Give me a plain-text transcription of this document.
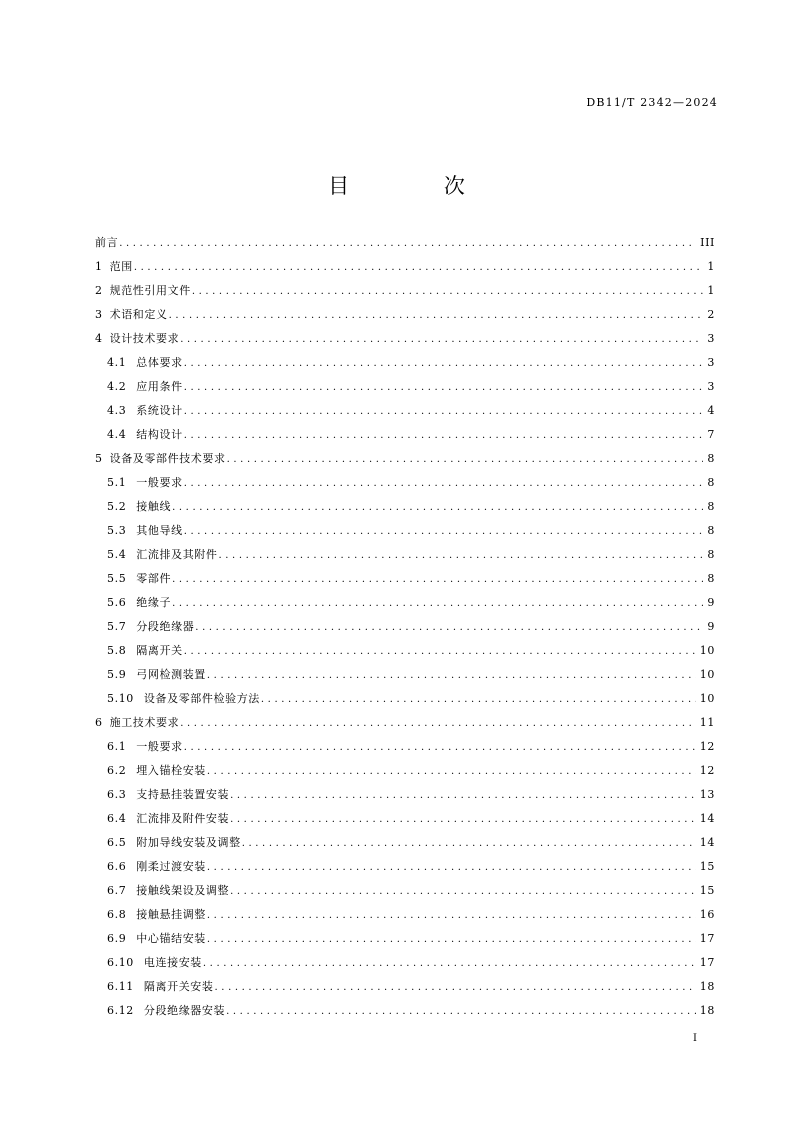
DB11/T 2342—2024
目 次
前言 .....	III
1 范围 .....	1
2 规范性引用文件 .....	1
3 术语和定义 .....	2
4 设计技术要求 .....	3
4.1 总体要求 .....	3
4.2 应用条件 .....	3
4.3 系统设计 .....	4
4.4 结构设计 .....	7
5 设备及零部件技术要求 .....	8
5.1 一般要求 .....	8
5.2 接触线 .....	8
5.3 其他导线 .....	8
5.4 汇流排及其附件 .....	8
5.5 零部件 .....	8
5.6 绝缘子 .....	9
5.7 分段绝缘器 .....	9
5.8 隔离开关 .....	10
5.9 弓网检测装置 .....	10
5.10 设备及零部件检验方法 .....	10
6 施工技术要求 .....	11
6.1 一般要求 .....	12
6.2 埋入锚栓安装 .....	12
6.3 支持悬挂装置安装 .....	13
6.4 汇流排及附件安装 .....	14
6.5 附加导线安装及调整 .....	14
6.6 刚柔过渡安装 .....	15
6.7 接触线架设及调整 .....	15
6.8 接触悬挂调整 .....	16
6.9 中心锚结安装 .....	17
6.10 电连接安装 .....	17
6.11 隔离开关安装 .....	18
6.12 分段绝缘器安装 .....	18
I
